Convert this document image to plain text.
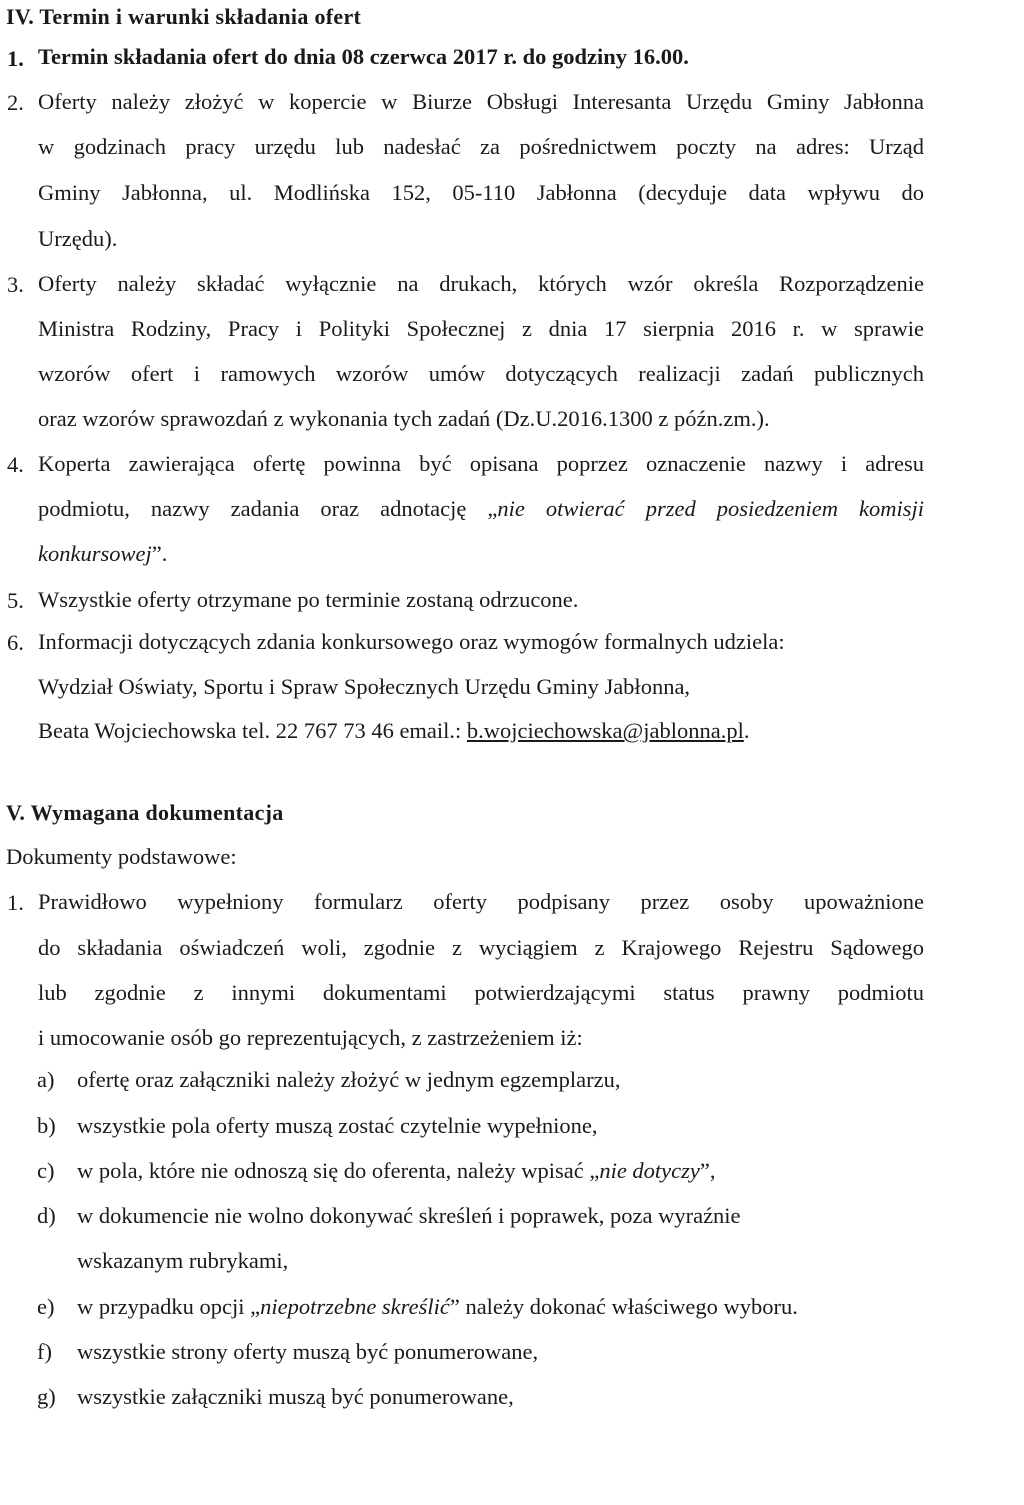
IV. Termin i warunki składania ofert
1. Termin składania ofert do dnia 08 czerwca 2017 r. do godziny 16.00.
2. Oferty należy złożyć w kopercie w Biurze Obsługi Interesanta Urzędu Gminy Jabłonna
w godzinach pracy urzędu lub nadesłać za pośrednictwem poczty na adres: Urząd
Gminy Jabłonna, ul. Modlińska 152, 05-110 Jabłonna (decyduje data wpływu do
Urzędu).
3. Oferty należy składać wyłącznie na drukach, których wzór określa Rozporządzenie
Ministra Rodziny, Pracy i Polityki Społecznej z dnia 17 sierpnia 2016 r. w sprawie
wzorów ofert i ramowych wzorów umów dotyczących realizacji zadań publicznych
oraz wzorów sprawozdań z wykonania tych zadań (Dz.U.2016.1300 z późn.zm.).
4. Koperta zawierająca ofertę powinna być opisana poprzez oznaczenie nazwy i adresu
podmiotu, nazwy zadania oraz adnotację „nie otwierać przed posiedzeniem komisji
konkursowej”.
5. Wszystkie oferty otrzymane po terminie zostaną odrzucone.
6. Informacji dotyczących zdania konkursowego oraz wymogów formalnych udziela:
Wydział Oświaty, Sportu i Spraw Społecznych Urzędu Gminy Jabłonna,
Beata Wojciechowska tel. 22 767 73 46 email.: b.wojciechowska@jablonna.pl.
V. Wymagana dokumentacja
Dokumenty podstawowe:
1. Prawidłowo wypełniony formularz oferty podpisany przez osoby upoważnione
do składania oświadczeń woli, zgodnie z wyciągiem z Krajowego Rejestru Sądowego
lub zgodnie z innymi dokumentami potwierdzającymi status prawny podmiotu
i umocowanie osób go reprezentujących, z zastrzeżeniem iż:
a) ofertę oraz załączniki należy złożyć w jednym egzemplarzu,
b) wszystkie pola oferty muszą zostać czytelnie wypełnione,
c) w pola, które nie odnoszą się do oferenta, należy wpisać „nie dotyczy”,
d) w dokumencie nie wolno dokonywać skreśleń i poprawek, poza wyraźnie
wskazanym rubrykami,
e) w przypadku opcji „niepotrzebne skreślić” należy dokonać właściwego wyboru.
f) wszystkie strony oferty muszą być ponumerowane,
g) wszystkie załączniki muszą być ponumerowane,
